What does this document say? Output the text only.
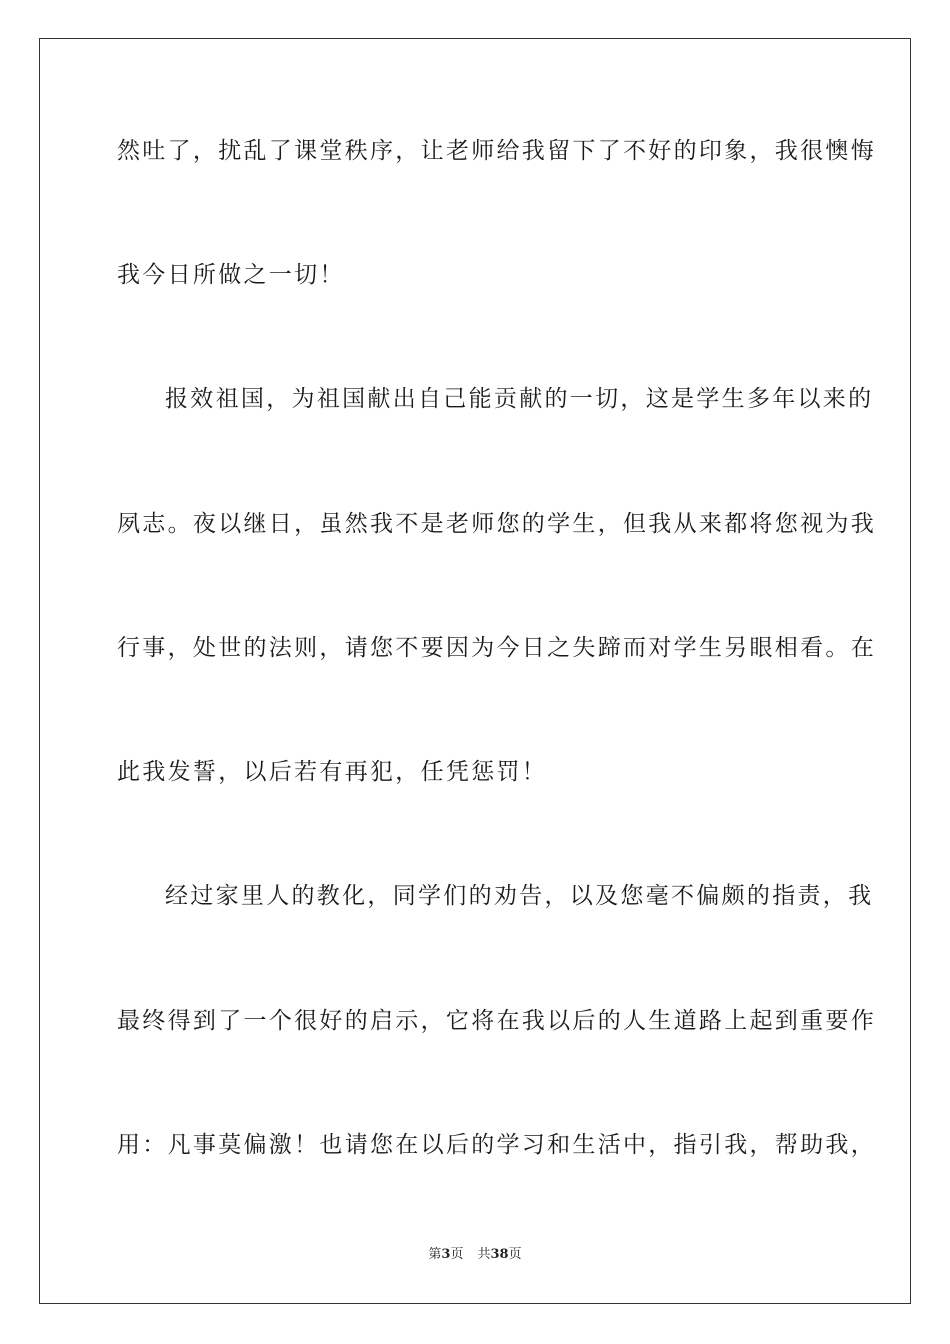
然吐了，扰乱了课堂秩序，让老师给我留下了不好的印象，我很懊悔
我今日所做之一切！
报效祖国，为祖国献出自己能贡献的一切，这是学生多年以来的
夙志。夜以继日，虽然我不是老师您的学生，但我从来都将您视为我
行事，处世的法则，请您不要因为今日之失蹄而对学生另眼相看。在
此我发誓，以后若有再犯，任凭惩罚！
经过家里人的教化，同学们的劝告，以及您毫不偏颇的指责，我
最终得到了一个很好的启示，它将在我以后的人生道路上起到重要作
用：凡事莫偏激！也请您在以后的学习和生活中，指引我，帮助我，
第3页 共38页
